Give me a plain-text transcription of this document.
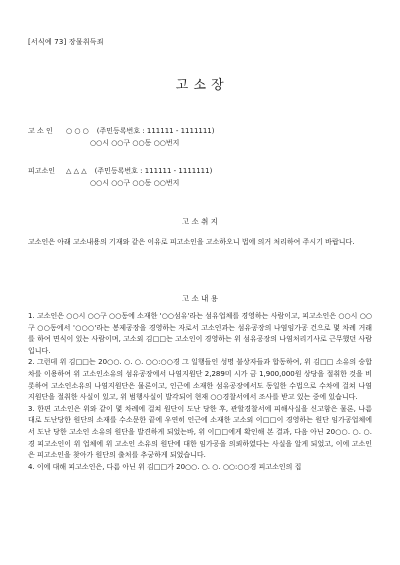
[서식예 73] 장물취득죄
고 소 장
고 소 인	○ ○ ○ (주민등록번호 : 111111 - 1111111)
○○시 ○○구 ○○동 ○○번지
피고소인	△ △ △ (주민등록번호 : 111111 - 1111111)
○○시 ○○구 ○○동 ○○번지
고 소 취 지

고소인은 아래 고소내용의 기재와 같은 이유로 피고소인을 고소하오니 법에 의거 처리하여 주시기 바랍니다.

고 소 내 용

1. 고소인은 ○○시 ○○구 ○○동에 소재한 '○○섬유'라는 섬유업체를 경영하는 사람이고, 피고소인은 ○○시 ○○구 ○○동에서 '○○○'라는 봉제공장을 경영하는 자로서 고소인과는 섬유공장의 나염임가공 건으로 몇 차례 거래를 하여 면식이 있는 사람이며, 고소외 김□□는 고소인이 경영하는 위 섬유공장의 나염처리기사로 근무했던 사람입니다.

2. 그런데 위 김□□는 20○○. ○. ○. ○○:○○경 그 일행들인 성명 불상자들과 합동하여, 위 김□□ 소유의 승합차를 이용하여 위 고소인소유의 섬유공장에서 나염지원단 2,289미 시가 금 1,900,000원 상당을 절취한 것을 비롯하여 고소인소유의 나염지원단은 물론이고, 인근에 소재한 섬유공장에서도 동일한 수법으로 수차에 걸쳐 나염지원단을 절취한 사실이 있고, 위 범행사실이 발각되어 현재 ○○경찰서에서 조사를 받고 있는 중에 있습니다.

3. 한편 고소인은 위와 같이 몇 차례에 걸쳐 원단이 도난 당한 후, 관할경찰서에 피해사실을 신고함은 물론, 나름대로 도난당한 원단의 소재를 수소문한 끝에 우연히 인근에 소재한 고소외 이□□이 경영하는 원단 임가공업체에서 도난 당한 고소인 소유의 원단을 발견하게 되었는바, 위 이□□에게 확인해 본 결과, 다음 아닌 20○○. ○. ○.경 피고소인이 위 업체에 위 고소인 소유의 원단에 대한 임가공을 의뢰하였다는 사실을 알게 되었고, 이에 고소인은 피고소인을 찾아가 원단의 출처를 추궁하게 되었습니다.

4. 이에 대해 피고소인은, 다름 아닌 위 김□□가 20○○. ○. ○. ○○:○○경 피고소인의 집
